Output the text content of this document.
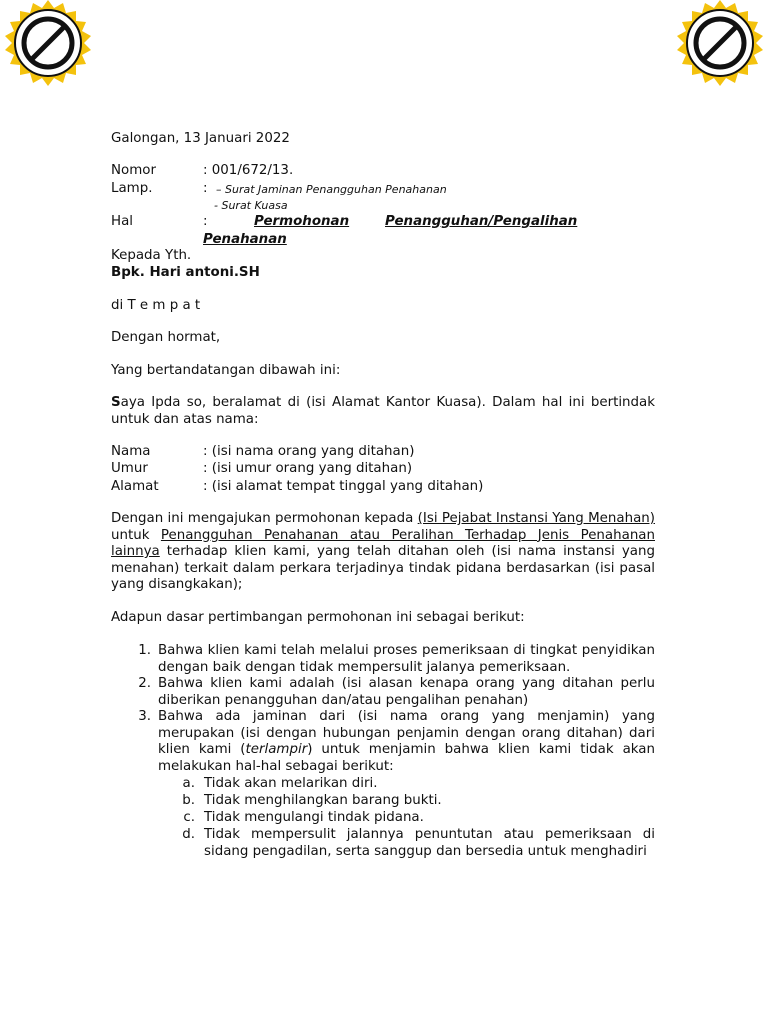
Galongan, 13 Januari 2022
Nomor	: 001/672/13.
Lamp.	: – Surat Jaminan Penangguhan Penahanan
- Surat Kuasa
Hal	:	Permohonan	Penangguhan/Pengalihan
Penahanan
Kepada Yth.
Bpk. Hari antoni.SH
di T e m p a t
Dengan hormat,
Yang bertandatangan dibawah ini:
Saya Ipda so, beralamat di (isi Alamat Kantor Kuasa). Dalam hal ini bertindak untuk dan atas nama:
Nama	: (isi nama orang yang ditahan)
Umur	: (isi umur orang yang ditahan)
Alamat	: (isi alamat tempat tinggal yang ditahan)
Dengan ini mengajukan permohonan kepada (Isi Pejabat Instansi Yang Menahan) untuk Penangguhan Penahanan atau Peralihan Terhadap Jenis Penahanan lainnya terhadap klien kami, yang telah ditahan oleh (isi nama instansi yang menahan) terkait dalam perkara terjadinya tindak pidana berdasarkan (isi pasal yang disangkakan);
Adapun dasar pertimbangan permohonan ini sebagai berikut:
1. Bahwa klien kami telah melalui proses pemeriksaan di tingkat penyidikan dengan baik dengan tidak mempersulit jalanya pemeriksaan.
2. Bahwa klien kami adalah (isi alasan kenapa orang yang ditahan perlu diberikan penangguhan dan/atau pengalihan penahan)
3. Bahwa ada jaminan dari (isi nama orang yang menjamin) yang merupakan (isi dengan hubungan penjamin dengan orang ditahan) dari klien kami (terlampir) untuk menjamin bahwa klien kami tidak akan melakukan hal-hal sebagai berikut:
a. Tidak akan melarikan diri.
b. Tidak menghilangkan barang bukti.
c. Tidak mengulangi tindak pidana.
d. Tidak mempersulit jalannya penuntutan atau pemeriksaan di sidang pengadilan, serta sanggup dan bersedia untuk menghadiri
